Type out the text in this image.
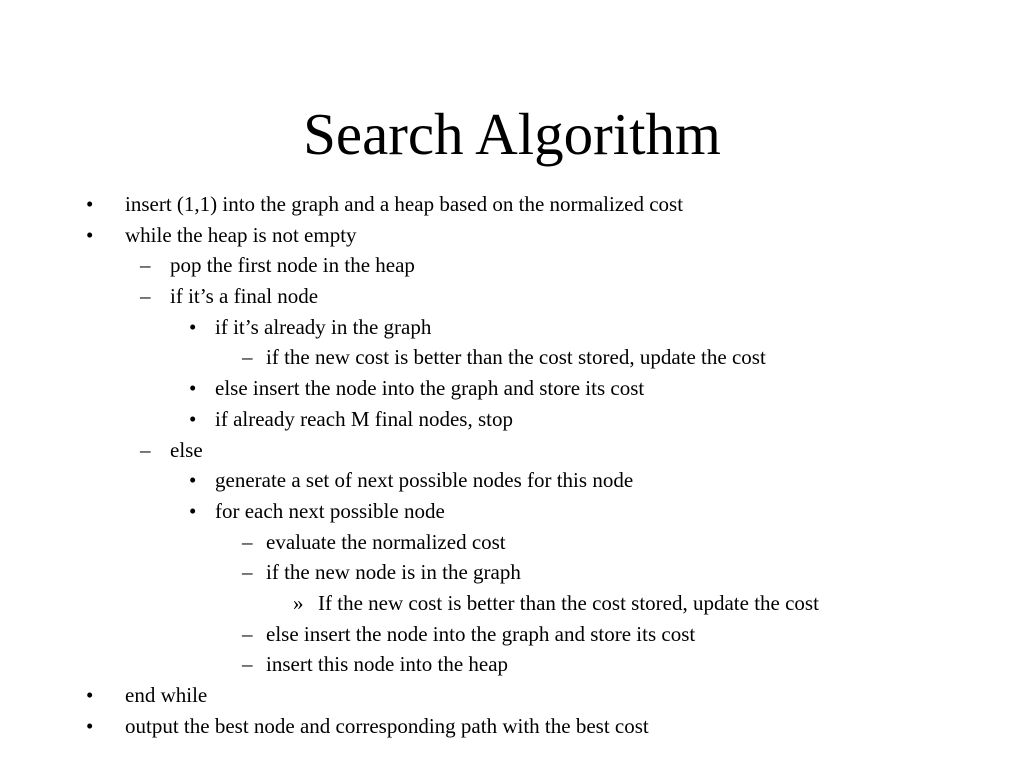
Search Algorithm
• insert (1,1) into the graph and a heap based on the normalized cost
• while the heap is not empty
– pop the first node in the heap
– if it’s a final node
• if it’s already in the graph
– if the new cost is better than the cost stored, update the cost
• else insert the node into the graph and store its cost
• if already reach M final nodes, stop
– else
• generate a set of next possible nodes for this node
• for each next possible node
– evaluate the normalized cost
– if the new node is in the graph
» If the new cost is better than the cost stored, update the cost
– else insert the node into the graph and store its cost
– insert this node into the heap
• end while
• output the best node and corresponding path with the best cost
